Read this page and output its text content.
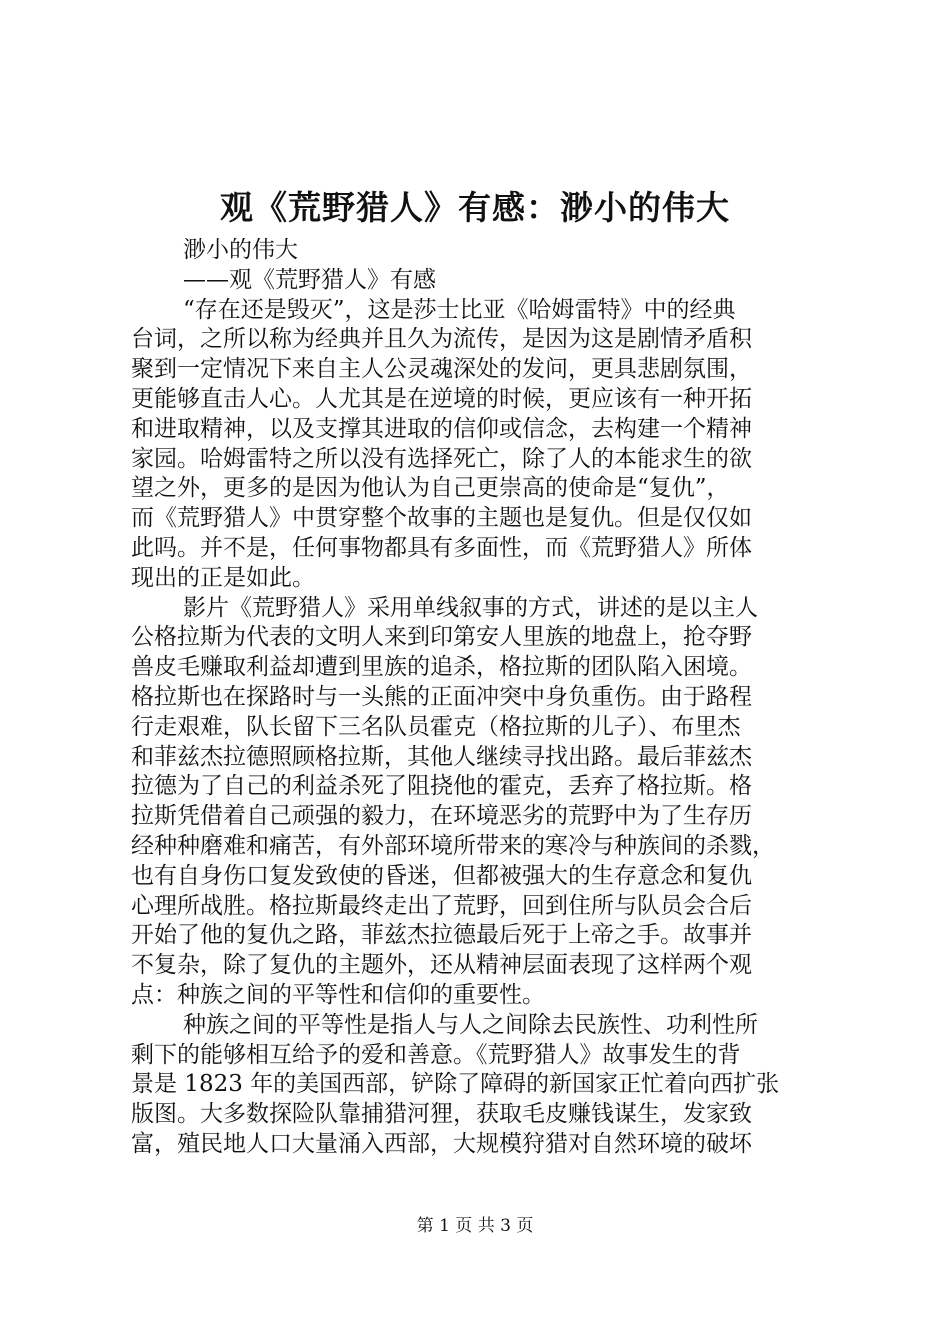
观《荒野猎人》有感：渺小的伟大
渺小的伟大
——观《荒野猎人》有感
“存在还是毁灭”，这是莎士比亚《哈姆雷特》中的经典
台词，之所以称为经典并且久为流传，是因为这是剧情矛盾积
聚到一定情况下来自主人公灵魂深处的发问，更具悲剧氛围，
更能够直击人心。人尤其是在逆境的时候，更应该有一种开拓
和进取精神，以及支撑其进取的信仰或信念，去构建一个精神
家园。哈姆雷特之所以没有选择死亡，除了人的本能求生的欲
望之外，更多的是因为他认为自己更崇高的使命是“复仇”，
而《荒野猎人》中贯穿整个故事的主题也是复仇。但是仅仅如
此吗。并不是，任何事物都具有多面性，而《荒野猎人》所体
现出的正是如此。
影片《荒野猎人》采用单线叙事的方式，讲述的是以主人
公格拉斯为代表的文明人来到印第安人里族的地盘上，抢夺野
兽皮毛赚取利益却遭到里族的追杀，格拉斯的团队陷入困境。
格拉斯也在探路时与一头熊的正面冲突中身负重伤。由于路程
行走艰难，队长留下三名队员霍克（格拉斯的儿子）、布里杰
和菲兹杰拉德照顾格拉斯，其他人继续寻找出路。最后菲兹杰
拉德为了自己的利益杀死了阻挠他的霍克，丢弃了格拉斯。格
拉斯凭借着自己顽强的毅力，在环境恶劣的荒野中为了生存历
经种种磨难和痛苦，有外部环境所带来的寒冷与种族间的杀戮，
也有自身伤口复发致使的昏迷，但都被强大的生存意念和复仇
心理所战胜。格拉斯最终走出了荒野，回到住所与队员会合后
开始了他的复仇之路，菲兹杰拉德最后死于上帝之手。故事并
不复杂，除了复仇的主题外，还从精神层面表现了这样两个观
点：种族之间的平等性和信仰的重要性。
种族之间的平等性是指人与人之间除去民族性、功利性所
剩下的能够相互给予的爱和善意。《荒野猎人》故事发生的背
景是 1823 年的美国西部，铲除了障碍的新国家正忙着向西扩张
版图。大多数探险队靠捕猎河狸，获取毛皮赚钱谋生，发家致
富，殖民地人口大量涌入西部，大规模狩猎对自然环境的破坏
第 1 页 共 3 页
